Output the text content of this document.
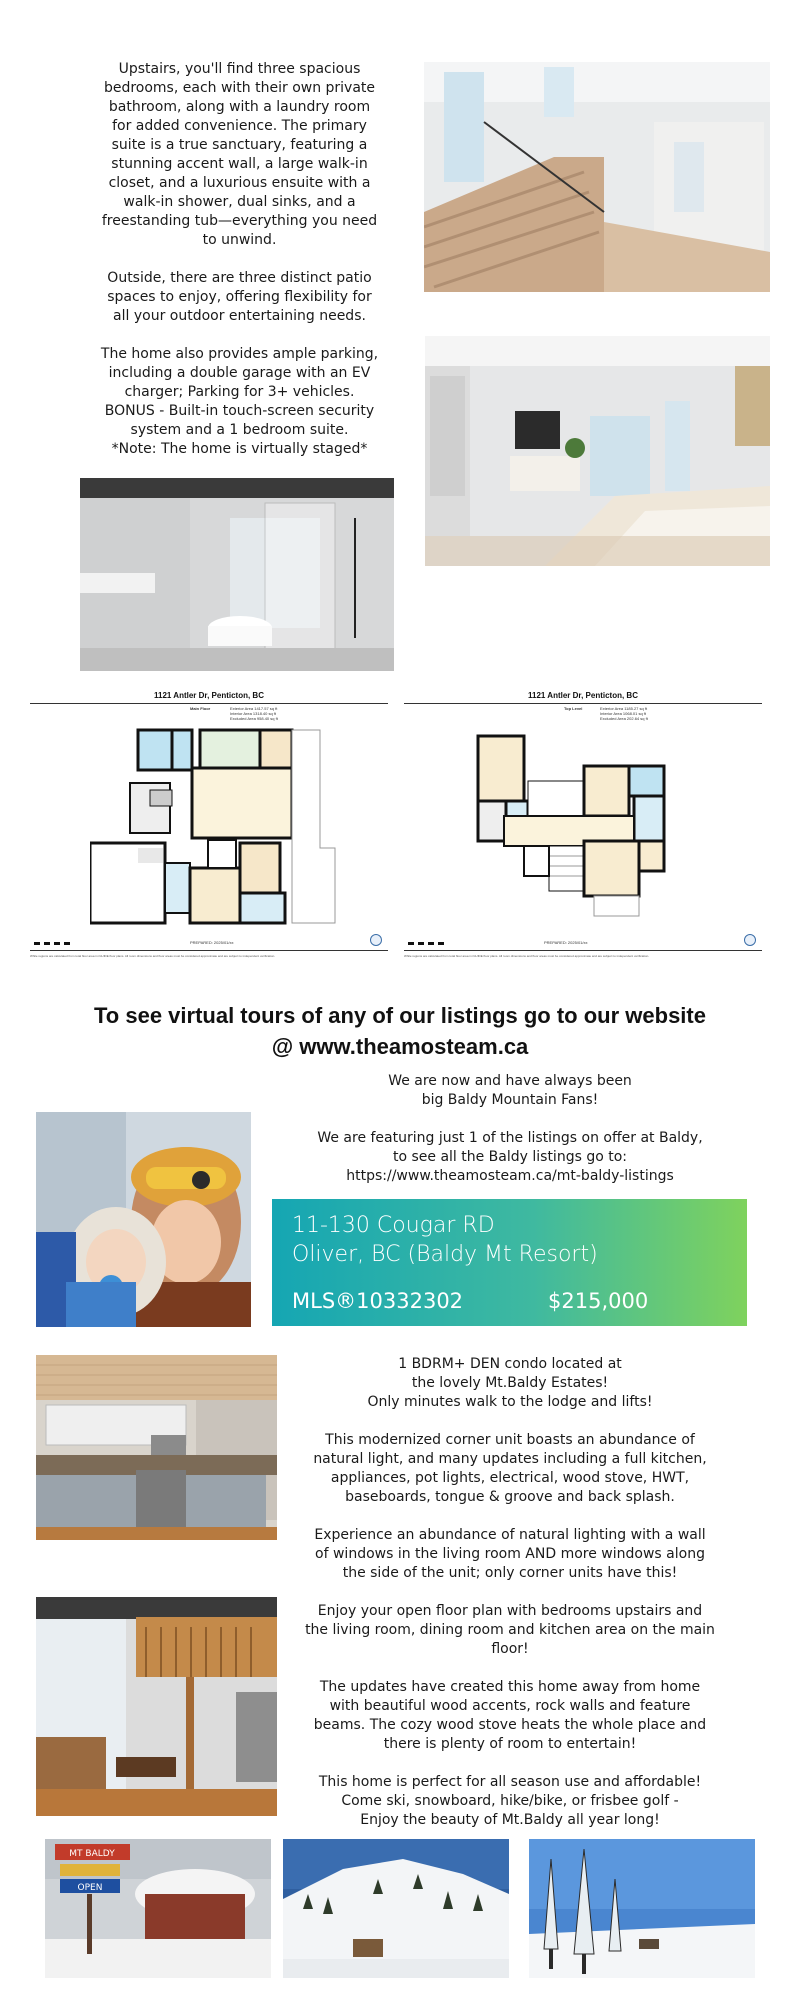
Upstairs, you'll find three spacious
bedrooms, each with their own private
bathroom, along with a laundry room
for added convenience. The primary
suite is a true sanctuary, featuring a
stunning accent wall, a large walk-in
closet, and a luxurious ensuite with a
walk-in shower, dual sinks, and a
freestanding tub—everything you need
to unwind.
Outside, there are three distinct patio
spaces to enjoy, offering flexibility for
all your outdoor entertaining needs.
The home also provides ample parking,
including a double garage with an EV
charger; Parking for 3+ vehicles.
BONUS - Built-in touch-screen security
system and a 1 bedroom suite.
*Note: The home is virtually staged*
1121 Antler Dr, Penticton, BC
Main Floor	Exterior Area 1417.57 sq ft
Interior Area 1318.40 sq ft
Excluded Area 958.40 sq ft
PREPARED: 2025/01/xx
While regions are calculated from total floor area in iGUIDE floor plans. All room dimensions and floor areas must be considered approximate and are subject to independent verification.
1121 Antler Dr, Penticton, BC
Top Level	Exterior Area 1185.27 sq ft
Interior Area 1068.01 sq ft
Excluded Area 202.64 sq ft
PREPARED: 2025/01/xx
While regions are calculated from total floor area in iGUIDE floor plans. All room dimensions and floor areas must be considered approximate and are subject to independent verification.
To see virtual tours of any of our listings go to our website
@ www.theamosteam.ca
We are now and have always been
big Baldy Mountain Fans!

We are featuring just 1 of the listings on offer at Baldy,
to see all the Baldy listings go to:
https://www.theamosteam.ca/mt-baldy-listings
11-130 Cougar RD
Oliver, BC (Baldy Mt Resort)
MLS®10332302	$215,000
1 BDRM+ DEN condo located at
the lovely Mt.Baldy Estates!
Only minutes walk to the lodge and lifts!

This modernized corner unit boasts an abundance of
natural light, and many updates including a full kitchen,
appliances, pot lights, electrical, wood stove, HWT,
baseboards, tongue & groove and back splash.

Experience an abundance of natural lighting with a wall
of windows in the living room AND more windows along
the side of the unit; only corner units have this!

Enjoy your open floor plan with bedrooms upstairs and
the living room, dining room and kitchen area on the main
floor!

The updates have created this home away from home
with beautiful wood accents, rock walls and feature
beams. The cozy wood stove heats the whole place and
there is plenty of room to entertain!

This home is perfect for all season use and affordable!
Come ski, snowboard, hike/bike, or frisbee golf -
Enjoy the beauty of Mt.Baldy all year long!
MT BALDY
OPEN
